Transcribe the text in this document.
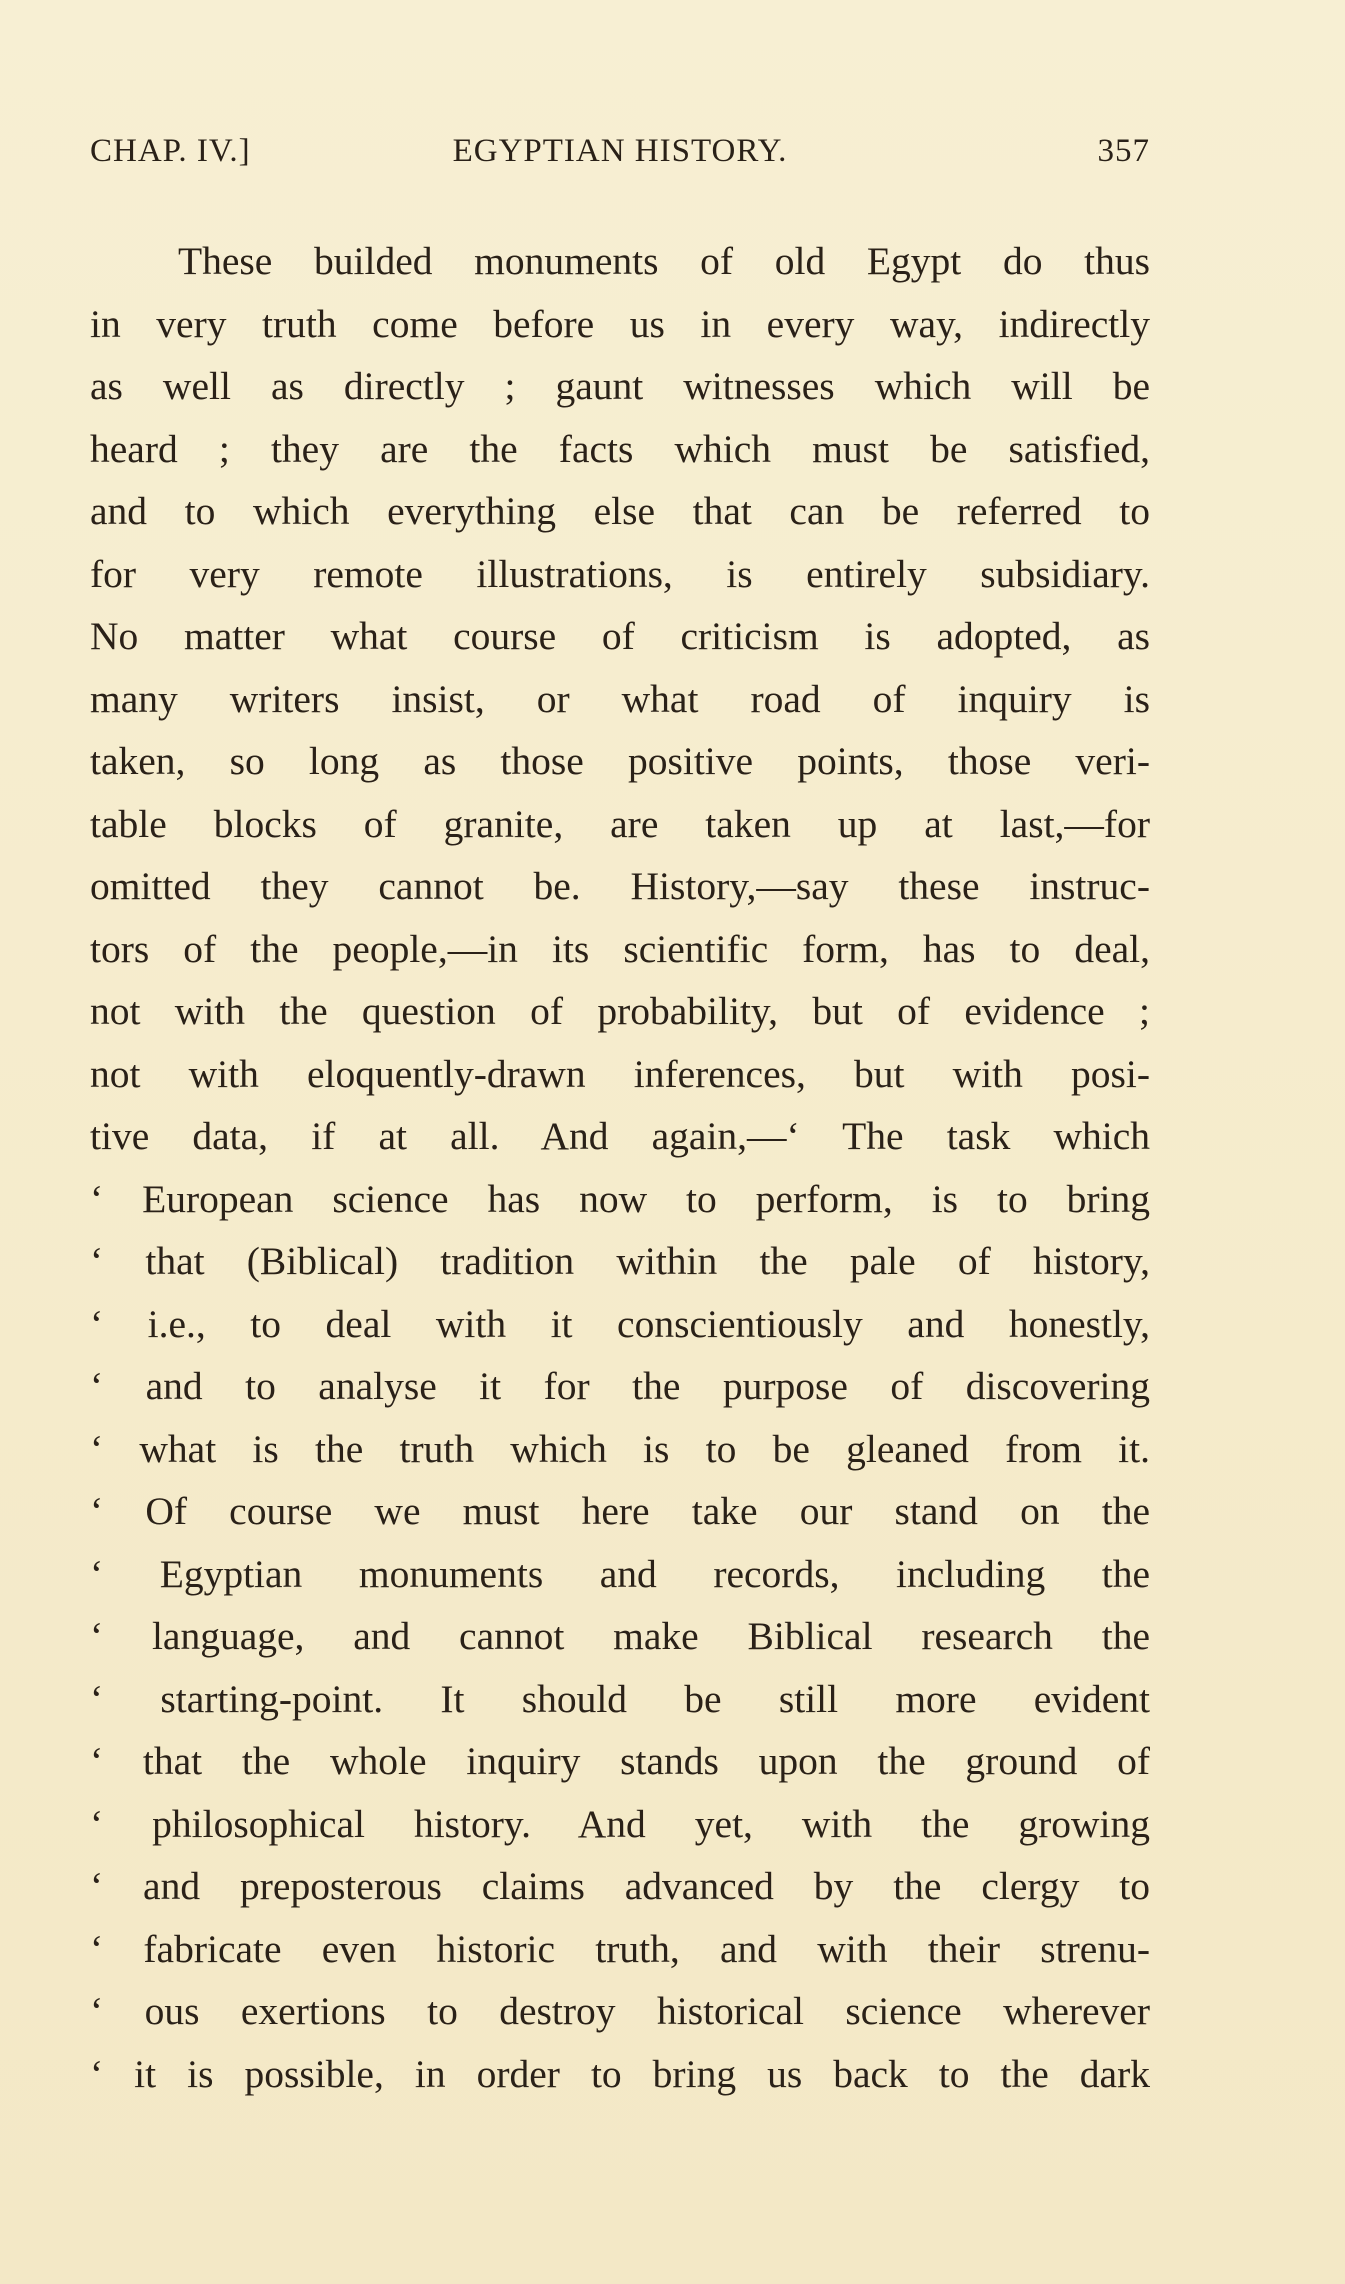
CHAP. IV.]	EGYPTIAN HISTORY.	357
These builded monuments of old Egypt do thus
in very truth come before us in every way, indirectly
as well as directly ; gaunt witnesses which will be
heard ; they are the facts which must be satisfied,
and to which everything else that can be referred to
for very remote illustrations, is entirely subsidiary.
No matter what course of criticism is adopted, as
many writers insist, or what road of inquiry is
taken, so long as those positive points, those veri-
table blocks of granite, are taken up at last,—for
omitted they cannot be. History,—say these instruc-
tors of the people,—in its scientific form, has to deal,
not with the question of probability, but of evidence ;
not with eloquently-drawn inferences, but with posi-
tive data, if at all. And again,—‘ The task which
‘ European science has now to perform, is to bring
‘ that (Biblical) tradition within the pale of history,
‘ i.e., to deal with it conscientiously and honestly,
‘ and to analyse it for the purpose of discovering
‘ what is the truth which is to be gleaned from it.
‘ Of course we must here take our stand on the
‘ Egyptian monuments and records, including the
‘ language, and cannot make Biblical research the
‘ starting-point. It should be still more evident
‘ that the whole inquiry stands upon the ground of
‘ philosophical history. And yet, with the growing
‘ and preposterous claims advanced by the clergy to
‘ fabricate even historic truth, and with their strenu-
‘ ous exertions to destroy historical science wherever
‘ it is possible, in order to bring us back to the dark
